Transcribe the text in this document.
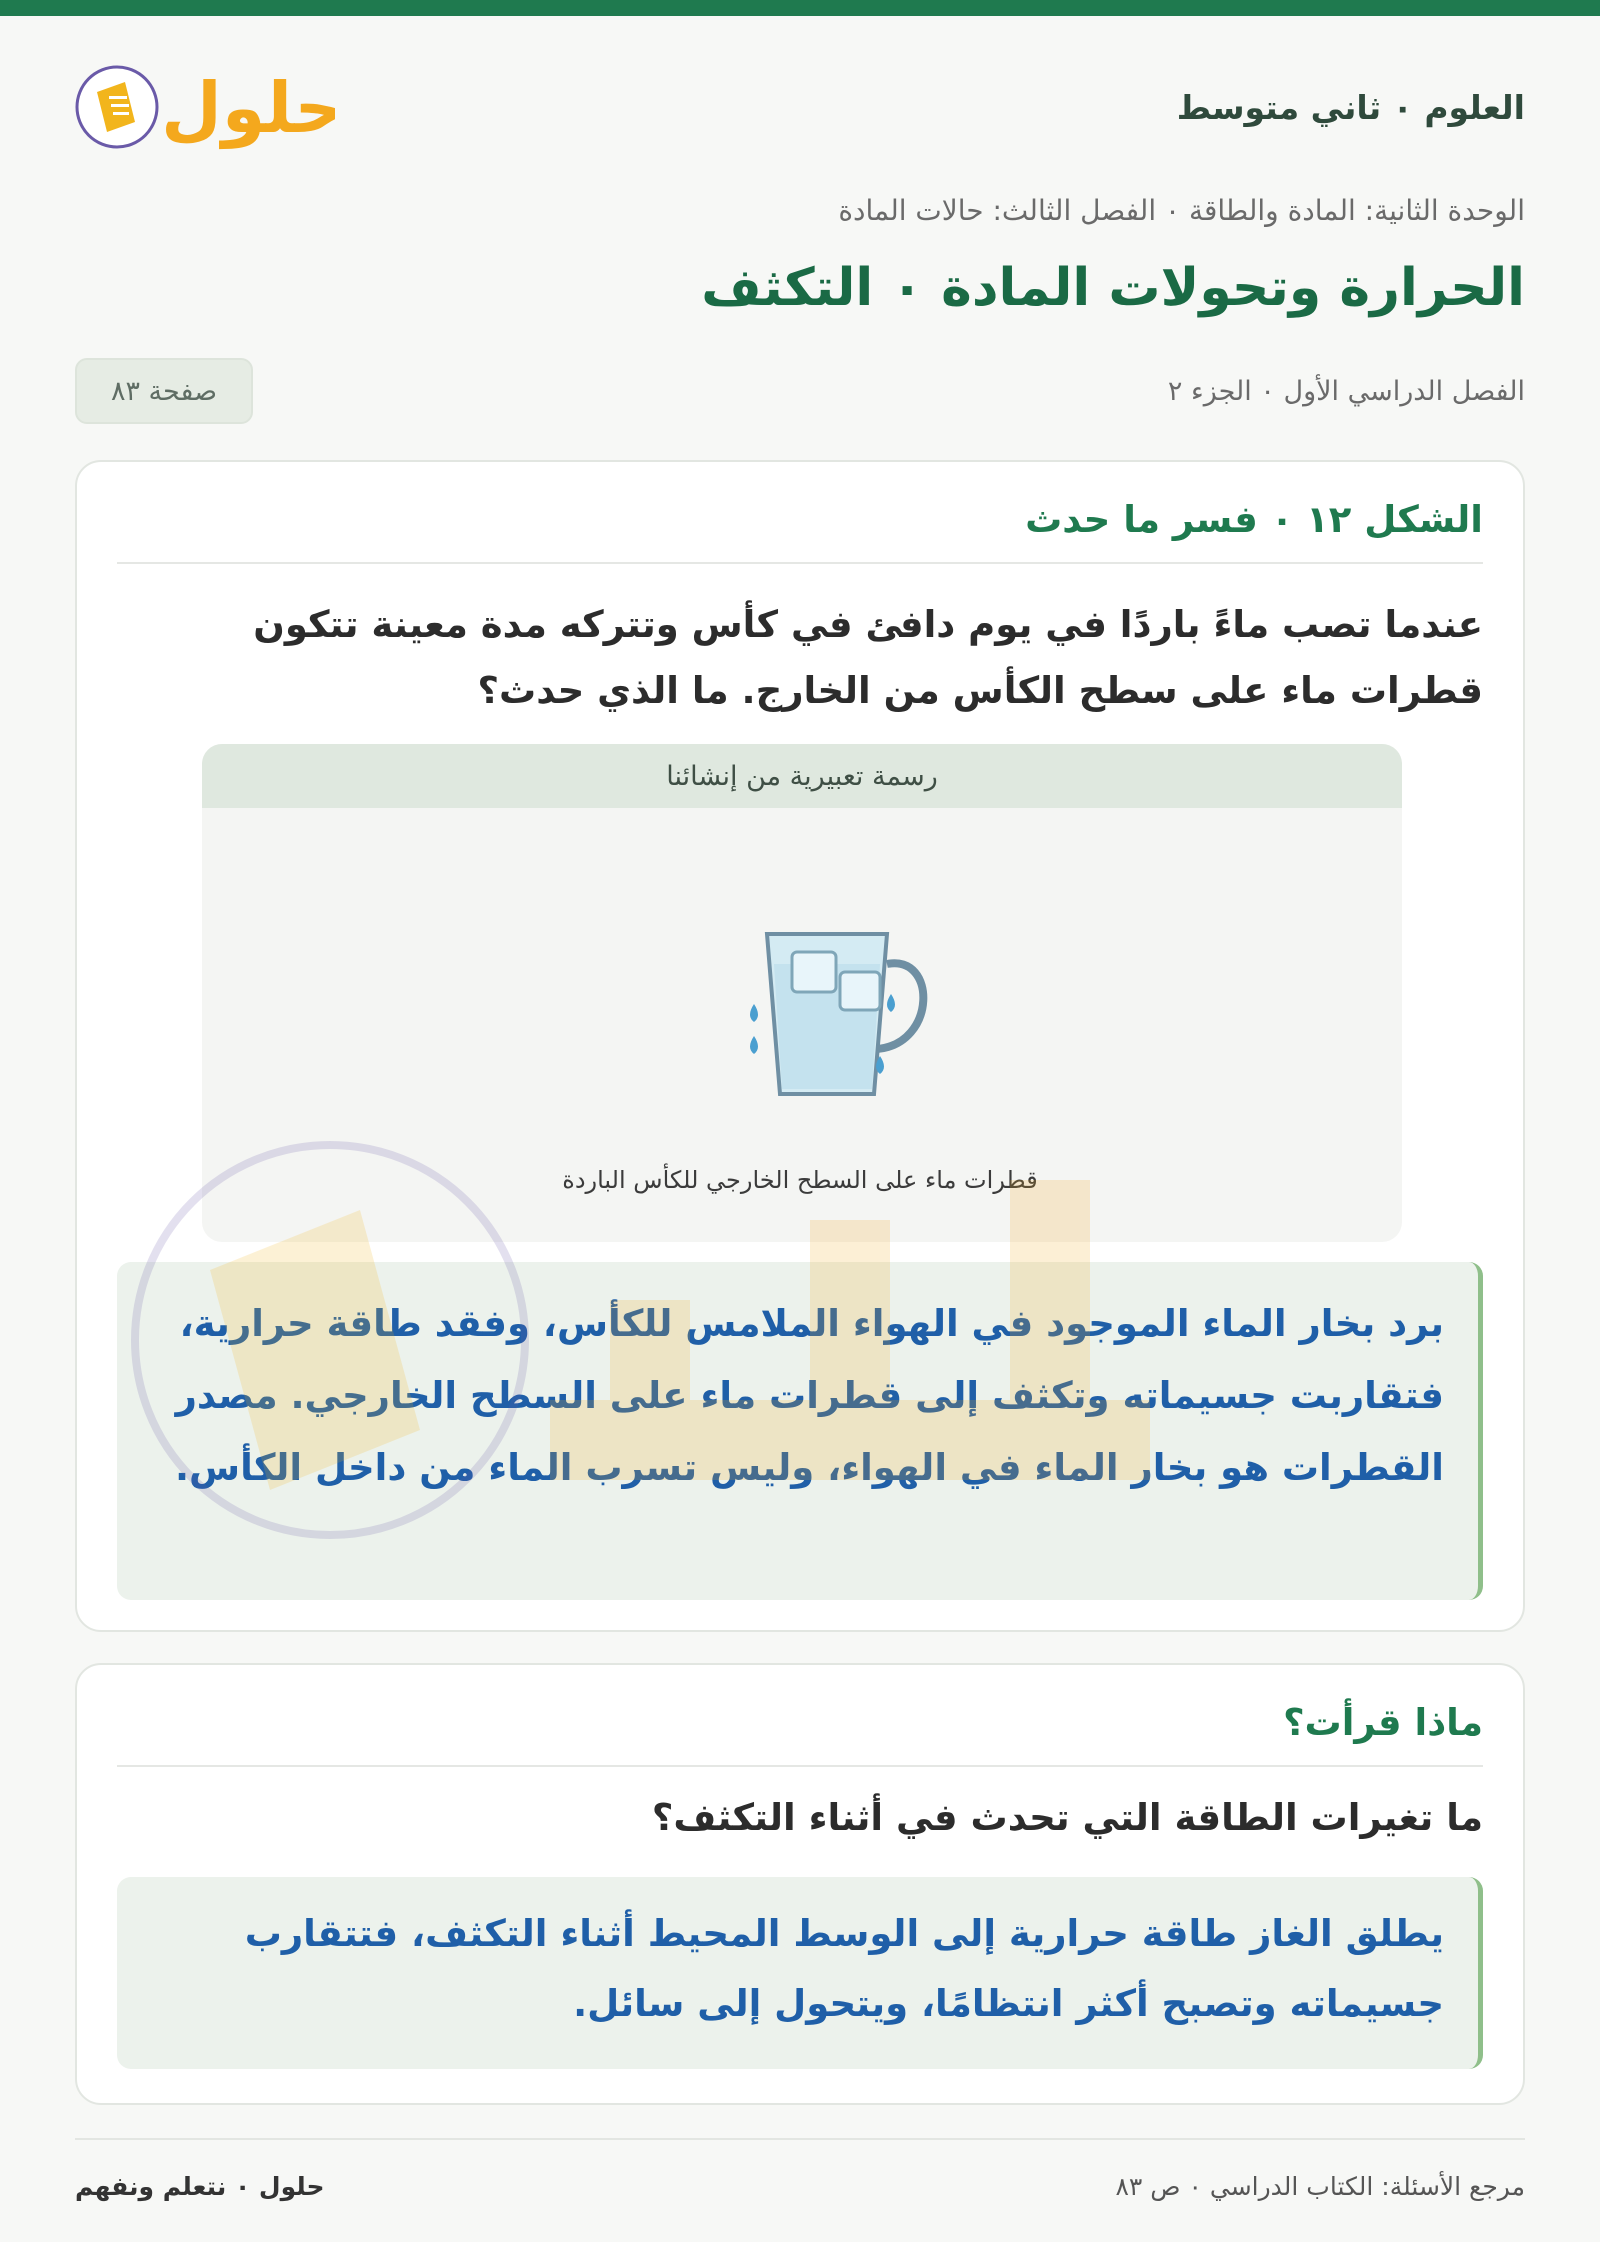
العلوم ٠ ثاني متوسط
حلول
الوحدة الثانية: المادة والطاقة ٠ الفصل الثالث: حالات المادة
الحرارة وتحولات المادة ٠ التكثف
الفصل الدراسي الأول ٠ الجزء ٢
صفحة ٨٣
الشكل ١٢ ٠ فسر ما حدث
عندما تصب ماءً باردًا في يوم دافئ في كأس وتتركه مدة معينة تتكون قطرات ماء على سطح الكأس من الخارج. ما الذي حدث؟
رسمة تعبيرية من إنشائنا
قطرات ماء على السطح الخارجي للكأس الباردة
برد بخار الماء الموجود في الهواء الملامس للكأس، وفقد طاقة حرارية، فتقاربت جسيماته وتكثف إلى قطرات ماء على السطح الخارجي. مصدر القطرات هو بخار الماء في الهواء، وليس تسرب الماء من داخل الكأس.
ماذا قرأت؟
ما تغيرات الطاقة التي تحدث في أثناء التكثف؟
يطلق الغاز طاقة حرارية إلى الوسط المحيط أثناء التكثف، فتتقارب جسيماته وتصبح أكثر انتظامًا، ويتحول إلى سائل.
مرجع الأسئلة: الكتاب الدراسي ٠ ص ٨٣
حلول ٠ نتعلم ونفهم
